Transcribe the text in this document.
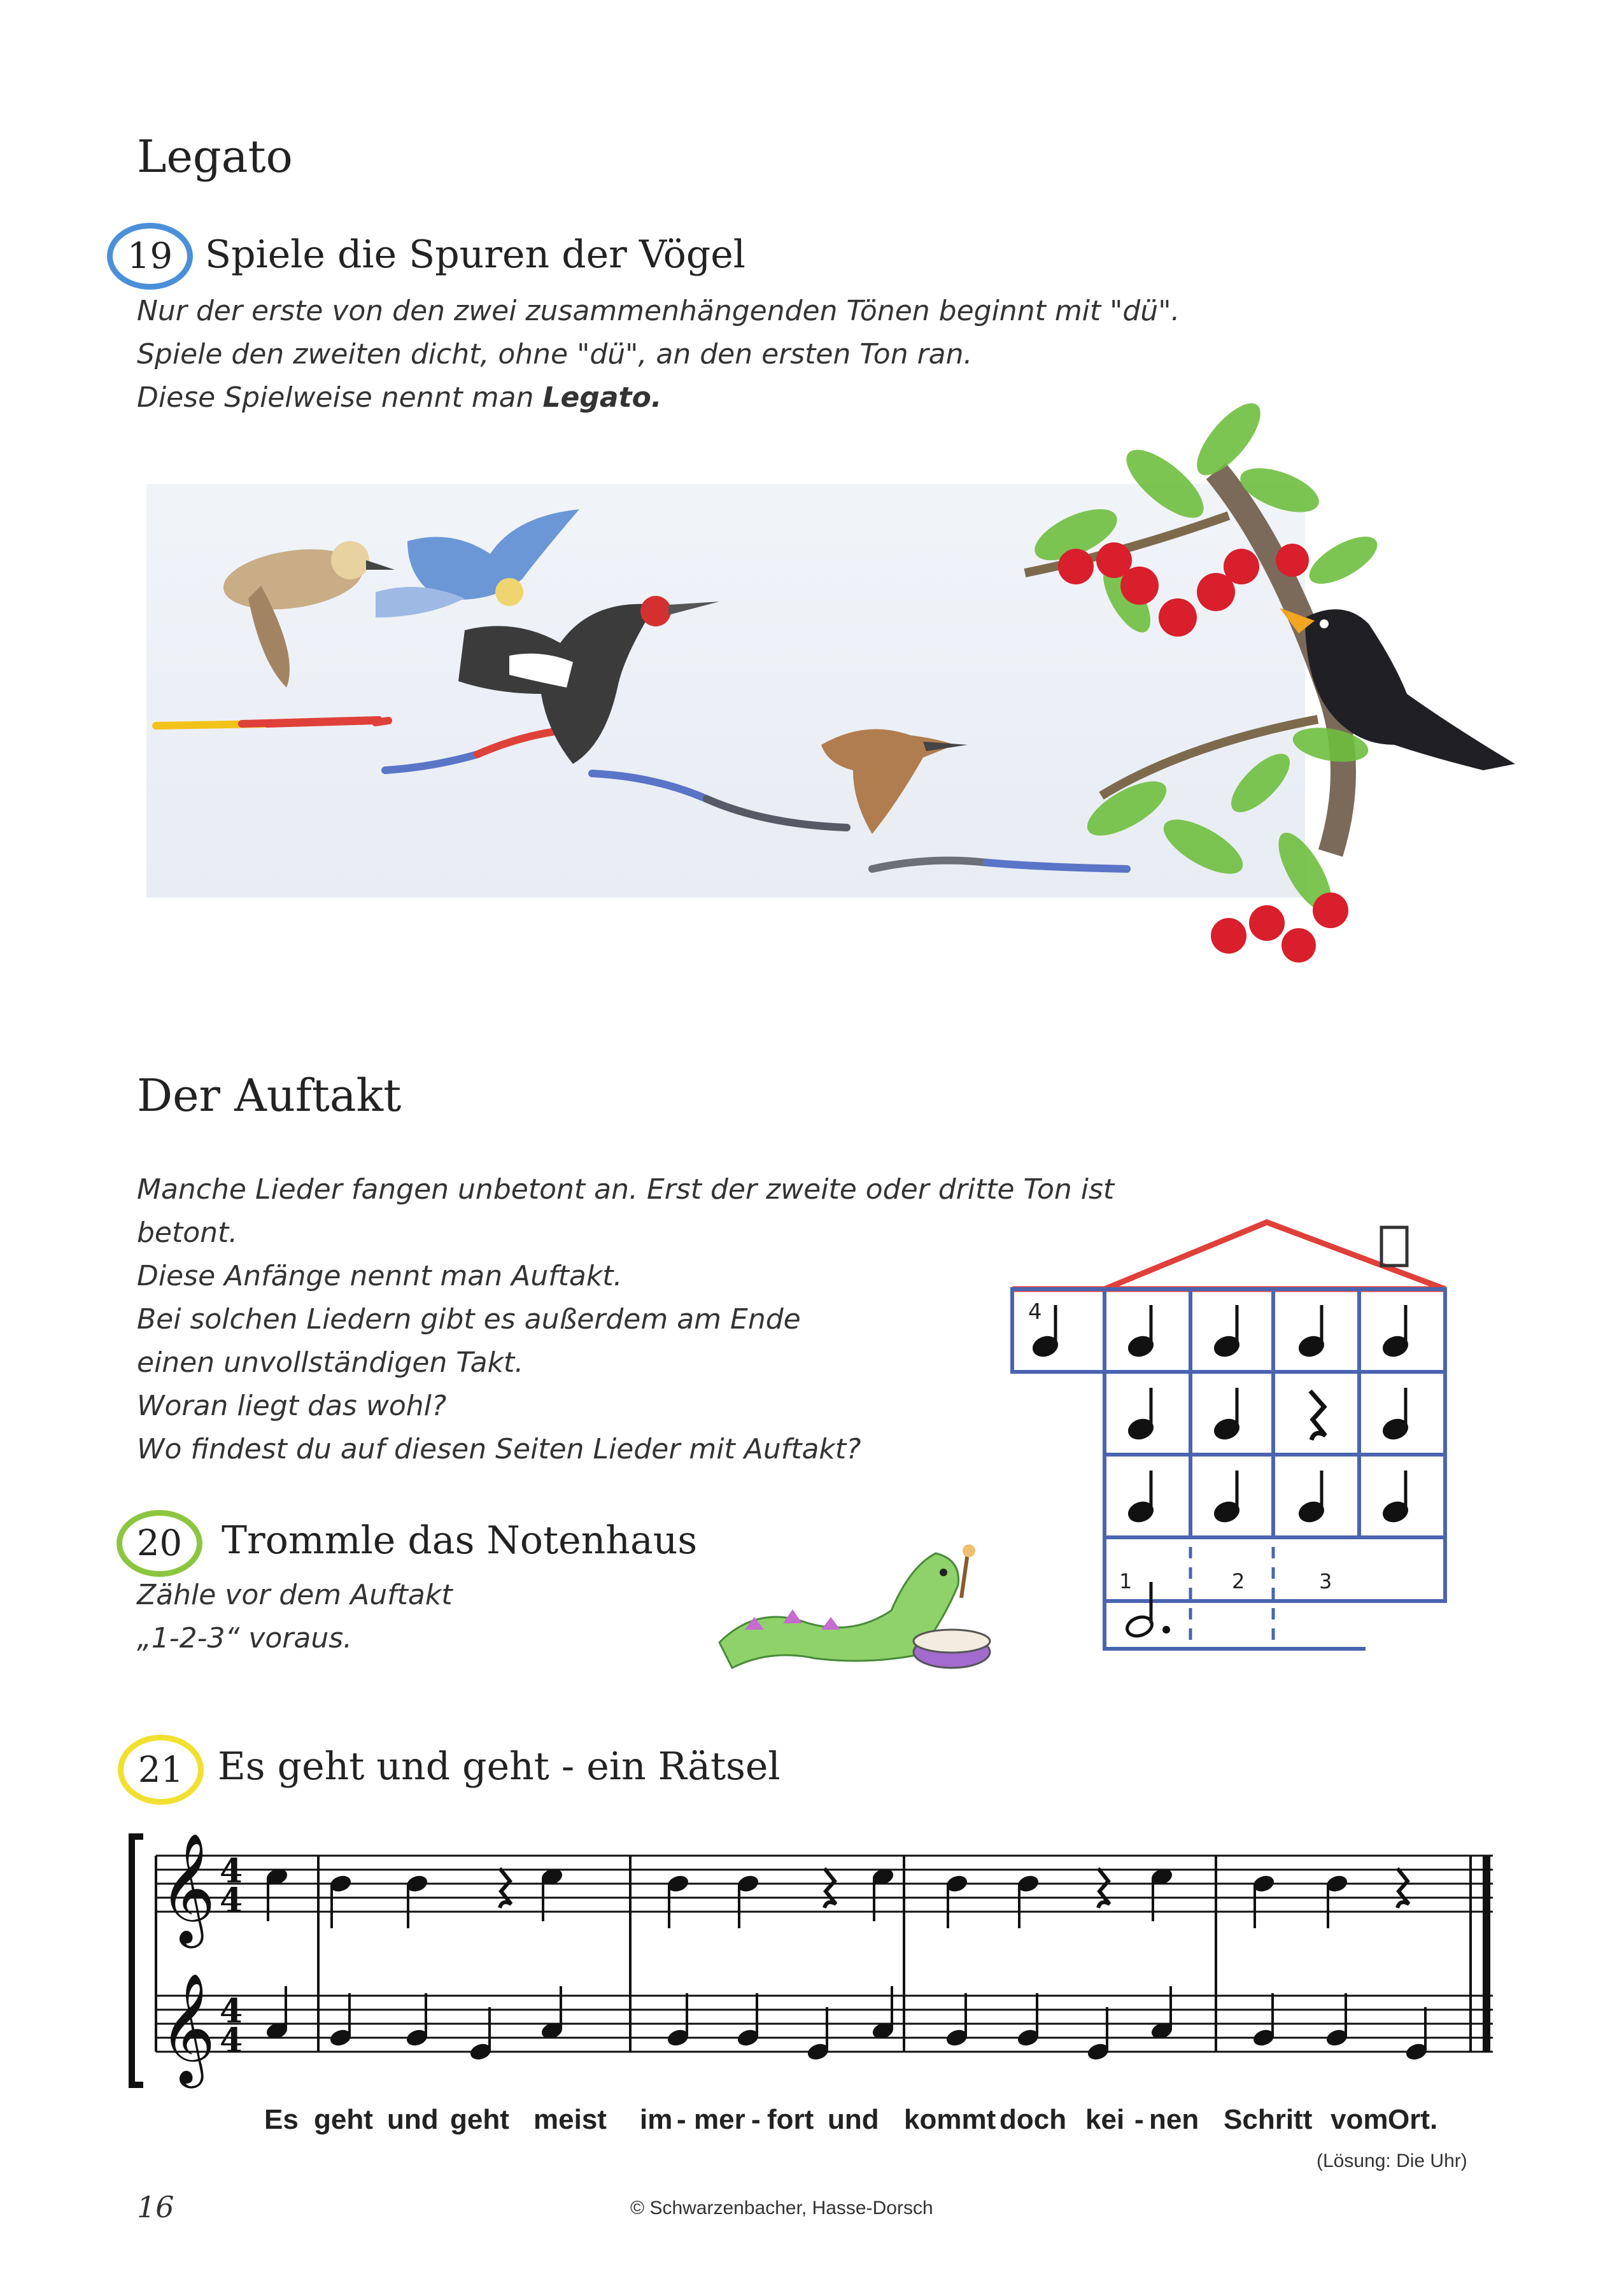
Legato
19 Spiele die Spuren der Vögel
Nur der erste von den zwei zusammenhängenden Tönen beginnt mit "dü".
Spiele den zweiten dicht, ohne "dü", an den ersten Ton ran.
Diese Spielweise nennt man Legato.
Der Auftakt
Manche Lieder fangen unbetont an. Erst der zweite oder dritte Ton ist betont.
Diese Anfänge nennt man Auftakt.
Bei solchen Liedern gibt es außerdem am Ende
einen unvollständigen Takt.
Woran liegt das wohl?
Wo findest du auf diesen Seiten Lieder mit Auftakt?
4
1	2	3
20	Trommle das Notenhaus
Zähle vor dem Auftakt
„1-2-3“ voraus.
21 Es geht und geht - ein Rätsel
𝄞
𝄞
4
4
4
4
Es geht und geht meist im - mer - fort und kommt doch kei - nen Schritt vom Ort.
(Lösung: Die Uhr)
16	© Schwarzenbacher, Hasse-Dorsch
